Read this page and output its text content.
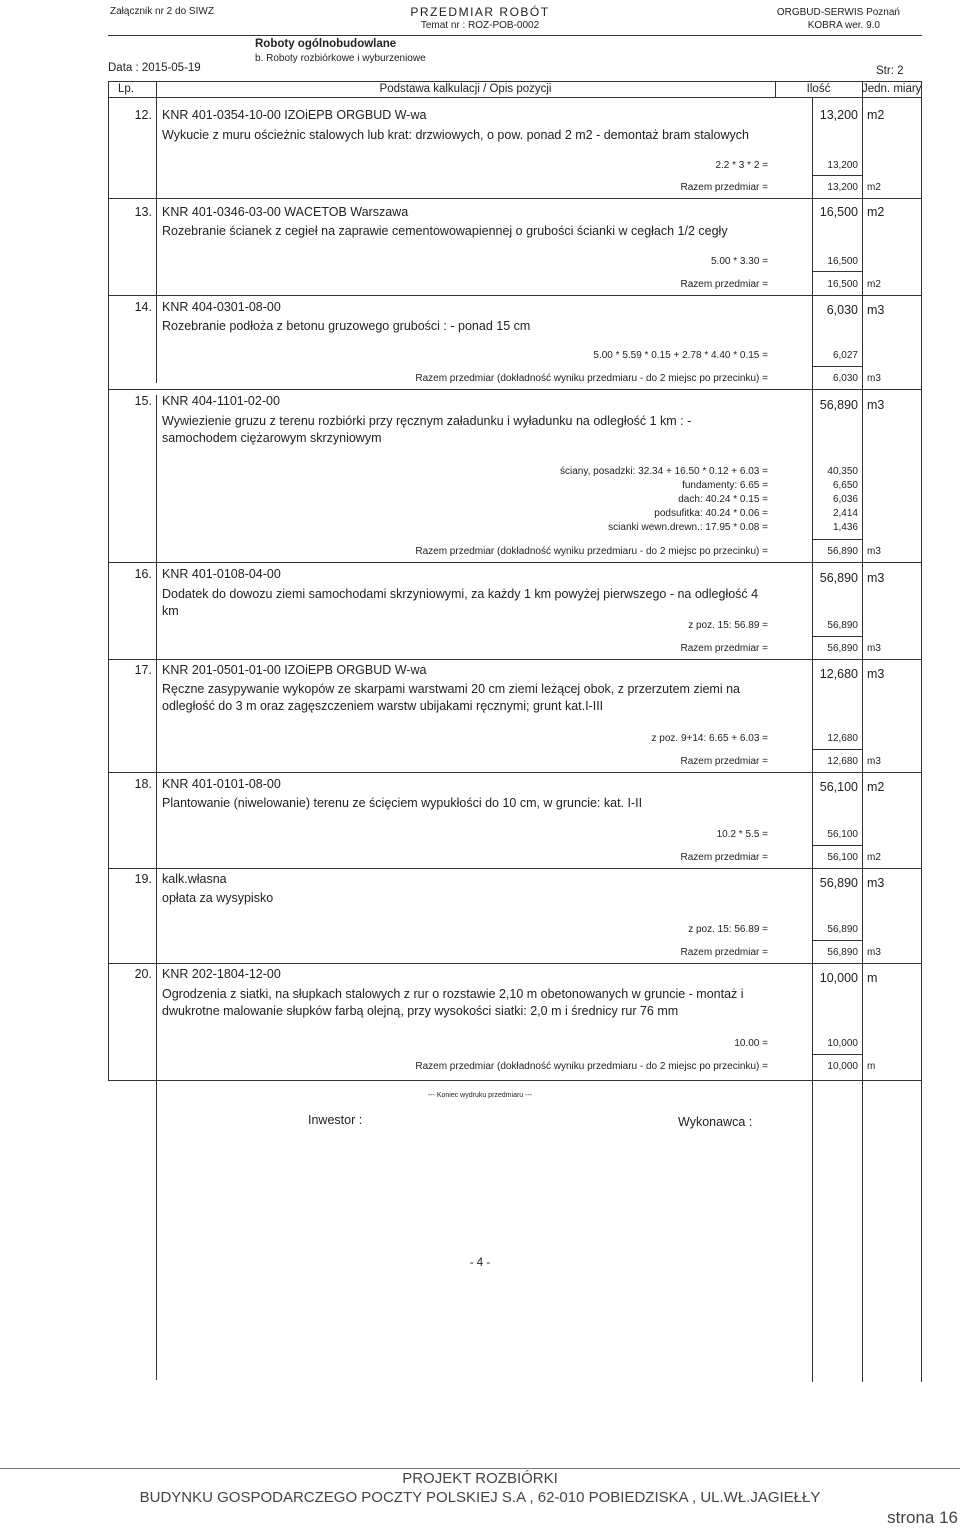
Załącznik nr 2 do SIWZ	PRZEDMIAR ROBÓT
Temat nr : ROZ-POB-0002
ORGBUD-SERWIS Poznań
KOBRA wer. 9.0
Roboty ogólnobudowlane
b. Roboty rozbiórkowe i wyburzeniowe
Data : 2015-05-19	Str: 2
Lp.	Podstawa kalkulacji / Opis pozycji	Ilość	Jedn. miary
12. KNR 401-0354-10-00 IZOiEPB ORGBUD W-wa
Wykucie z muru ościeżnic stalowych lub krat: drzwiowych, o pow. ponad 2 m2 - demontaż bram stalowych
13,200 m2
2.2 * 3 * 2 =	13,200
Razem przedmiar =	13,200 m2
13. KNR 401-0346-03-00 WACETOB Warszawa
Rozebranie ścianek z cegieł na zaprawie cementowowapiennej o grubości ścianki w cegłach 1/2 cegły
16,500 m2
5.00 * 3.30 =	16,500
Razem przedmiar =	16,500 m2
14. KNR 404-0301-08-00
Rozebranie podłoża z betonu gruzowego grubości : - ponad 15 cm
6,030 m3
5.00 * 5.59 * 0.15 + 2.78 * 4.40 * 0.15 =	6,027
Razem przedmiar (dokładność wyniku przedmiaru - do 2 miejsc po przecinku) =	6,030 m3
15. KNR 404-1101-02-00
Wywiezienie gruzu z terenu rozbiórki przy ręcznym załadunku i wyładunku na odległość 1 km : - samochodem ciężarowym skrzyniowym
56,890 m3
ściany, posadzki: 32.34 + 16.50 * 0.12 + 6.03 =	40,350
fundamenty: 6.65 =	6,650
dach: 40.24 * 0.15 =	6,036
podsufitka: 40.24 * 0.06 =	2,414
scianki wewn.drewn.: 17.95 * 0.08 =	1,436
Razem przedmiar (dokładność wyniku przedmiaru - do 2 miejsc po przecinku) =	56,890 m3
16. KNR 401-0108-04-00
Dodatek do dowozu ziemi samochodami skrzyniowymi, za każdy 1 km powyżej pierwszego - na odległość 4 km
56,890 m3
z poz. 15: 56.89 =	56,890
Razem przedmiar =	56,890 m3
17. KNR 201-0501-01-00 IZOiEPB ORGBUD W-wa
Ręczne zasypywanie wykopów ze skarpami warstwami 20 cm ziemi leżącej obok, z przerzutem ziemi na odległość do 3 m oraz zagęszczeniem warstw ubijakami ręcznymi; grunt kat.I-III
12,680 m3
z poz. 9+14: 6.65 + 6.03 =	12,680
Razem przedmiar =	12,680 m3
18. KNR 401-0101-08-00
Plantowanie (niwelowanie) terenu ze ścięciem wypukłości do 10 cm, w gruncie: kat. I-II
56,100 m2
10.2 * 5.5 =	56,100
Razem przedmiar =	56,100 m2
19. kalk.własna
opłata za wysypisko
56,890 m3
z poz. 15: 56.89 =	56,890
Razem przedmiar =	56,890 m3
20. KNR 202-1804-12-00
Ogrodzenia z siatki, na słupkach stalowych z rur o rozstawie 2,10 m obetonowanych w gruncie - montaż i dwukrotne malowanie słupków farbą olejną, przy wysokości siatki: 2,0 m i średnicy rur 76 mm
10,000 m
10.00 =	10,000
Razem przedmiar (dokładność wyniku przedmiaru - do 2 miejsc po przecinku) =	10,000 m
--- Koniec wydruku przedmiaru ---
Inwestor :	Wykonawca :
- 4 -
PROJEKT ROZBIÓRKI
BUDYNKU GOSPODARCZEGO POCZTY POLSKIEJ S.A , 62-010 POBIEDZISKA , UL.WŁ.JAGIEŁŁY
strona 16
